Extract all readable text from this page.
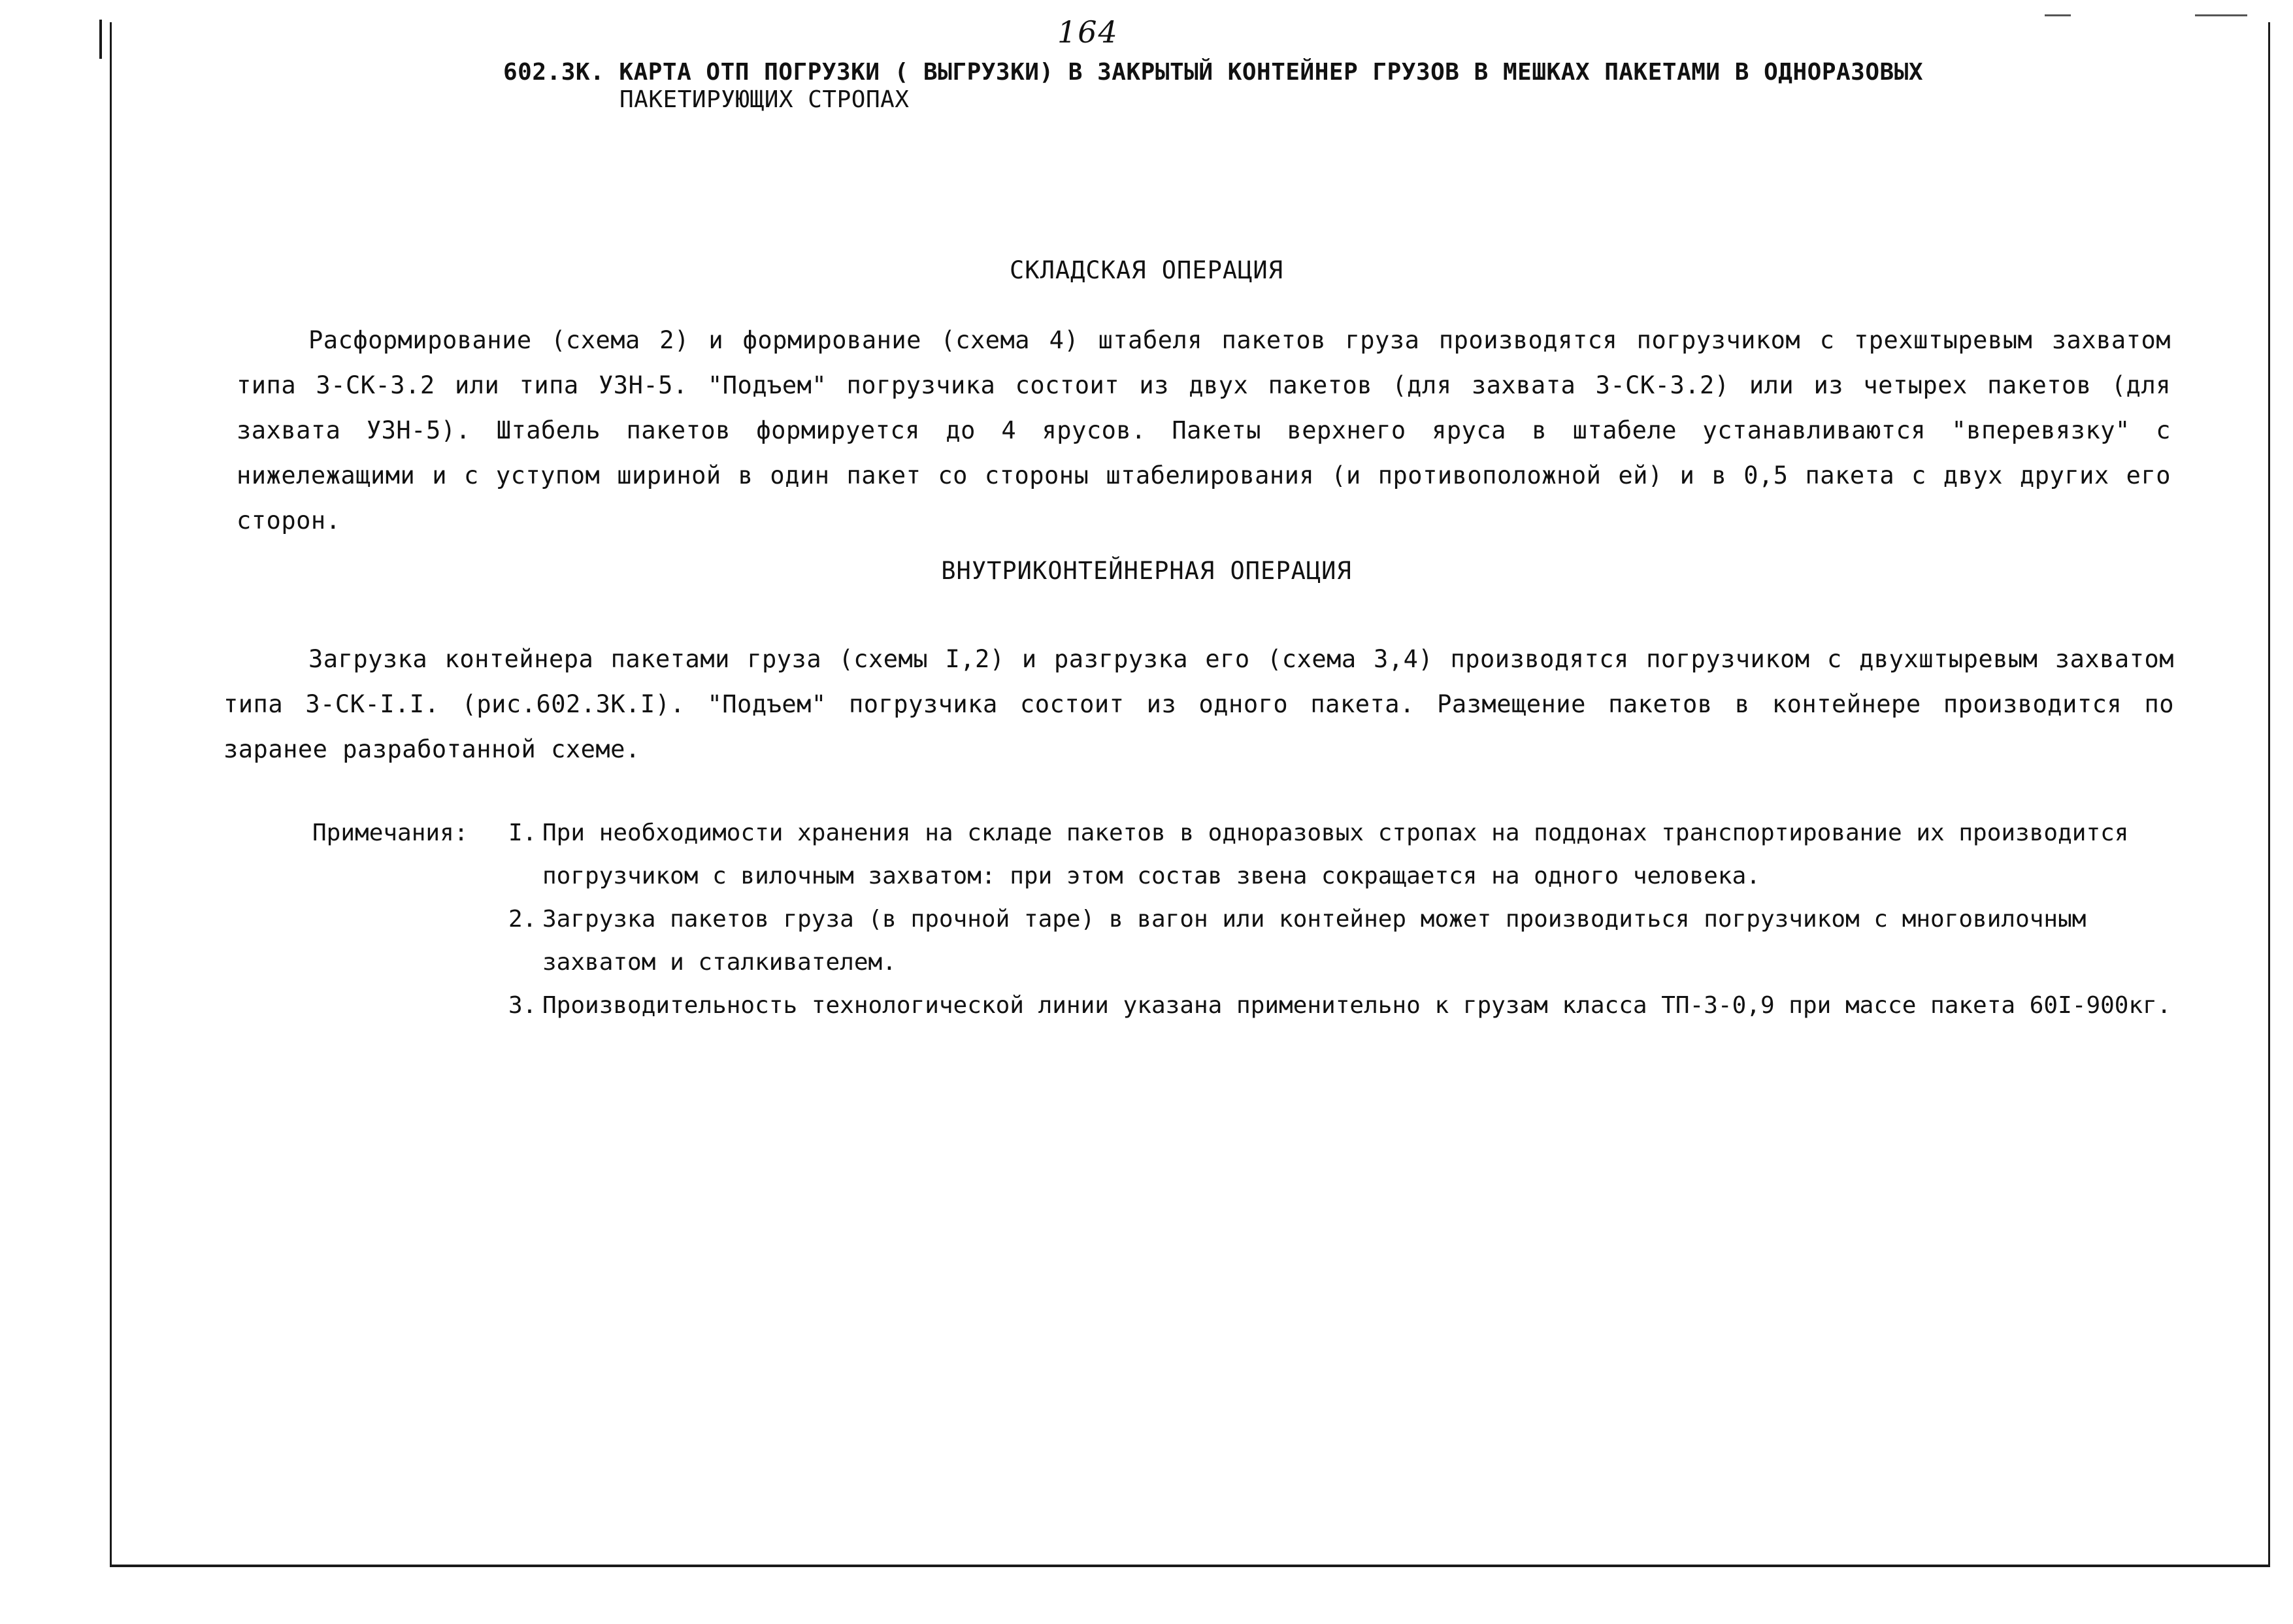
164
602.3К. КАРТА ОТП ПОГРУЗКИ ( ВЫГРУЗКИ) В ЗАКРЫТЫЙ КОНТЕЙНЕР ГРУЗОВ В МЕШКАХ ПАКЕТАМИ В ОДНОРАЗОВЫХ
ПАКЕТИРУЮЩИХ СТРОПАХ
СКЛАДСКАЯ ОПЕРАЦИЯ
Расформирование (схема 2) и формирование (схема 4) штабеля пакетов груза производятся погрузчиком с трехштыревым захватом типа 3-СК-3.2 или типа УЗН-5. "Подъем" погрузчика состоит из двух пакетов (для захвата 3-СК-3.2) или из четырех пакетов (для захвата УЗН-5). Штабель пакетов формируется до 4 ярусов. Пакеты верхнего яруса в штабеле устанавливаются "вперевязку" с нижележащими и с уступом шириной в один пакет со стороны штабелирования (и противоположной ей) и в 0,5 пакета с двух других его сторон.
ВНУТРИКОНТЕЙНЕРНАЯ ОПЕРАЦИЯ
Загрузка контейнера пакетами груза (схемы I,2) и разгрузка его (схема 3,4) производятся погрузчиком с двухштыревым захватом типа 3-СК-I.I. (рис.602.3К.I). "Подъем" погрузчика состоит из одного пакета. Размещение пакетов в контейнере производится по заранее разработанной схеме.
Примечания:	I. При необходимости хранения на складе пакетов в одноразовых стропах на поддонах транспортирование их производится погрузчиком с вилочным захватом: при этом состав звена сокращается на одного человека.
2. Загрузка пакетов груза (в прочной таре) в вагон или контейнер может производиться погрузчиком с многовилочным захватом и сталкивателем.
3. Производительность технологической линии указана применительно к грузам класса ТП-3-0,9 при массе пакета 60I-900кг.
